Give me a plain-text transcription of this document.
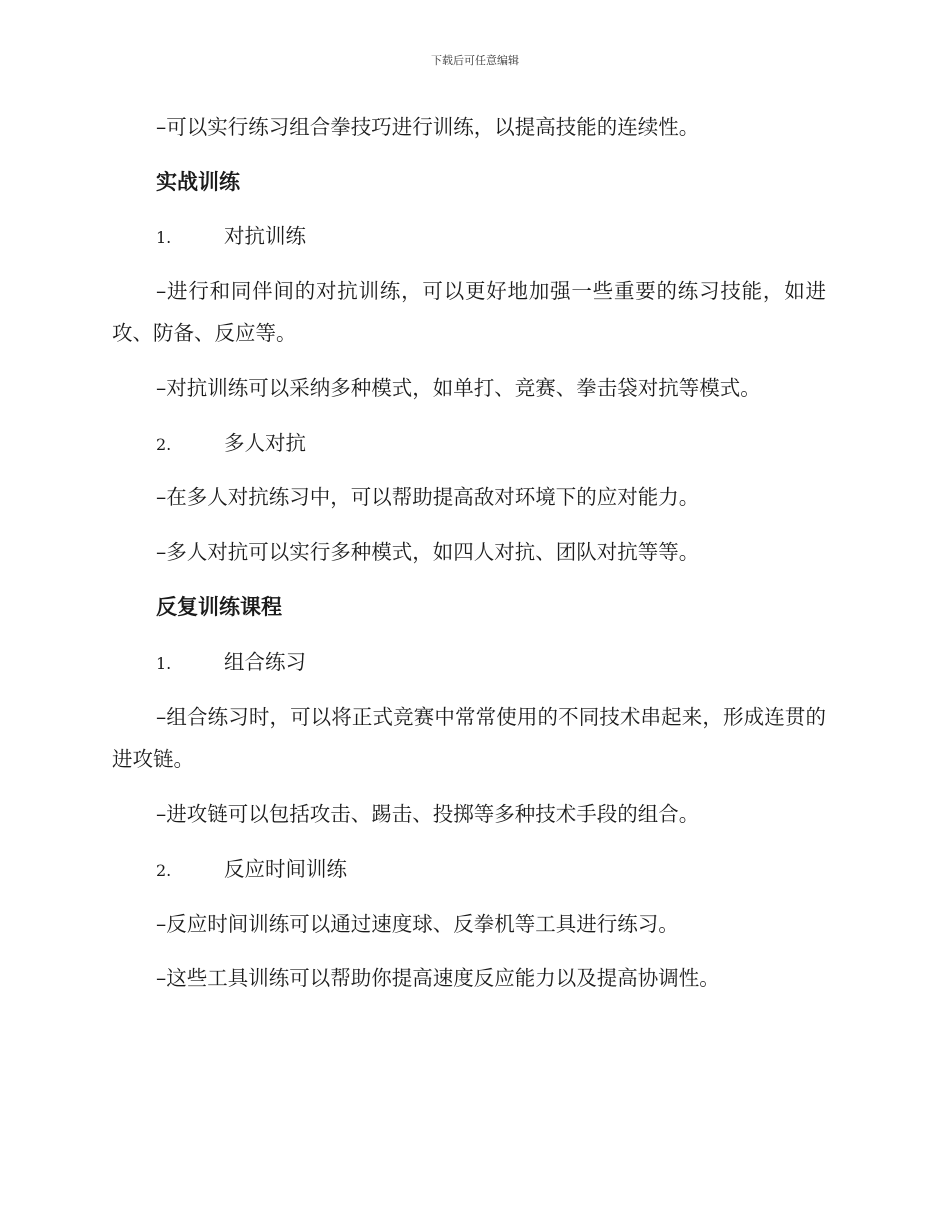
下载后可任意编辑
–可以实行练习组合拳技巧进行训练，以提高技能的连续性。
实战训练
1.	对抗训练
–进行和同伴间的对抗训练，可以更好地加强一些重要的练习技能，如进攻、防备、反应等。
–对抗训练可以采纳多种模式，如单打、竞赛、拳击袋对抗等模式。
2.	多人对抗
–在多人对抗练习中，可以帮助提高敌对环境下的应对能力。
–多人对抗可以实行多种模式，如四人对抗、团队对抗等等。
反复训练课程
1.	组合练习
–组合练习时，可以将正式竞赛中常常使用的不同技术串起来，形成连贯的进攻链。
–进攻链可以包括攻击、踢击、投掷等多种技术手段的组合。
2.	反应时间训练
–反应时间训练可以通过速度球、反拳机等工具进行练习。
–这些工具训练可以帮助你提高速度反应能力以及提高协调性。
